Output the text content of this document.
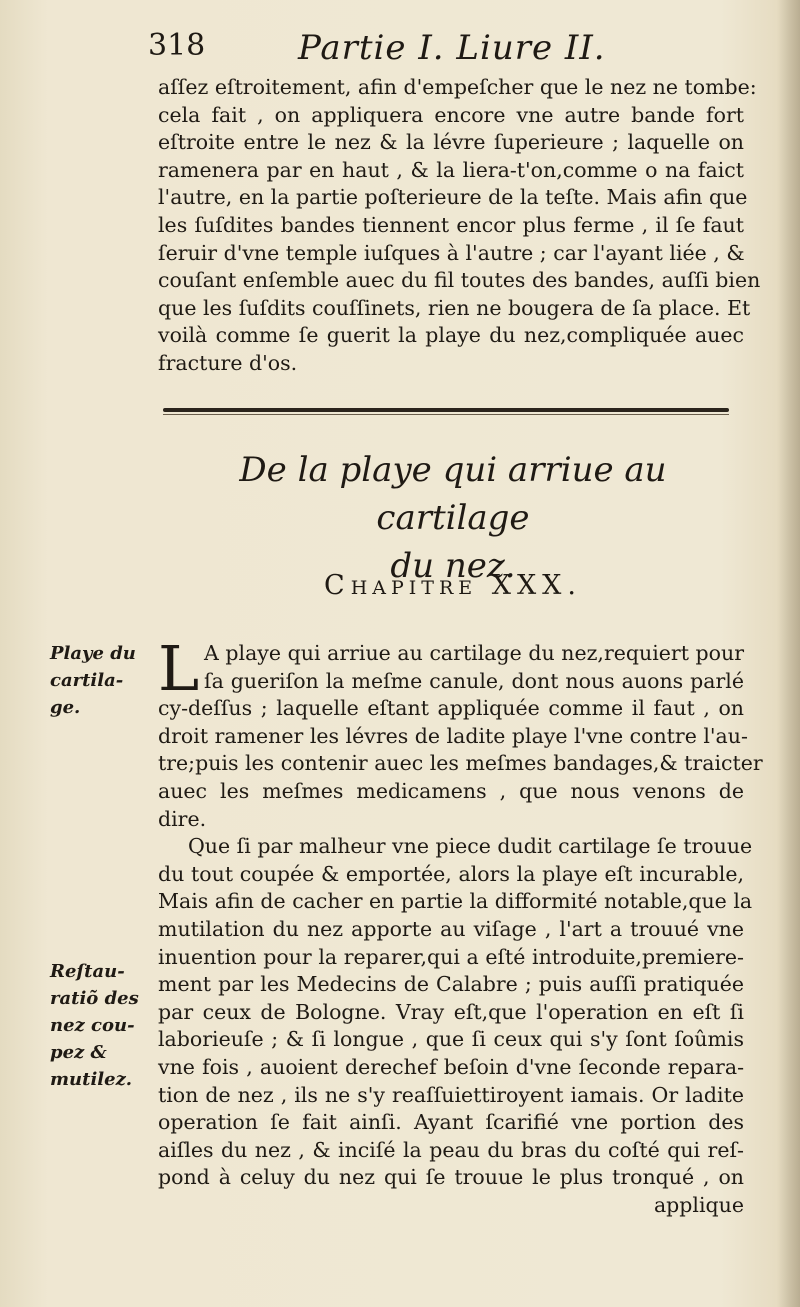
318	Partie I. Liure II.
aſſez eſtroitement, afin d'empeſcher que le nez ne tombe:
cela fait , on appliquera encore vne autre bande fort
eſtroite entre le nez & la lévre ſuperieure ; laquelle on
ramenera par en haut , & la liera-t'on,comme o na faict
l'autre, en la partie poſterieure de la teſte. Mais afin que
les ſuſdites bandes tiennent encor plus ferme , il ſe faut
ſeruir d'vne temple iuſques à l'autre ; car l'ayant liée , &
couſant enſemble auec du fil toutes des bandes, auſſi bien
que les ſuſdits couſſinets, rien ne bougera de ſa place. Et
voilà comme ſe guerit la playe du nez,compliquée auec
fracture d'os.
De la playe qui arriue au cartilage
du nez.
CHAPITRE XXX.
Playe du
cartila-
ge.
Reſtau-
ratiõ des
nez cou-
pez &
mutilez.
L A playe qui arriue au cartilage du nez,requiert pour
ſa gueriſon la meſme canule, dont nous auons parlé
cy-deſſus ; laquelle eſtant appliquée comme il faut , on
droit ramener les lévres de ladite playe l'vne contre l'au-
tre;puis les contenir auec les meſmes bandages,& traicter
auec les meſmes medicamens , que nous venons de
dire.
Que ſi par malheur vne piece dudit cartilage ſe trouue
du tout coupée & emportée, alors la playe eſt incurable,
Mais afin de cacher en partie la difformité notable,que la
mutilation du nez apporte au viſage , l'art a trouué vne
inuention pour la reparer,qui a eſté introduite,premiere-
ment par les Medecins de Calabre ; puis auſſi pratiquée
par ceux de Bologne. Vray eſt,que l'operation en eſt ſi
laborieuſe ; & ſi longue , que ſi ceux qui s'y ſont ſoûmis
vne fois , auoient derechef beſoin d'vne ſeconde repara-
tion de nez , ils ne s'y reaſſuiettiroyent iamais. Or ladite
operation ſe fait ainſi. Ayant ſcarifié vne portion des
aiſles du nez , & inciſé la peau du bras du coſté qui reſ-
pond à celuy du nez qui ſe trouue le plus tronqué , on
applique
